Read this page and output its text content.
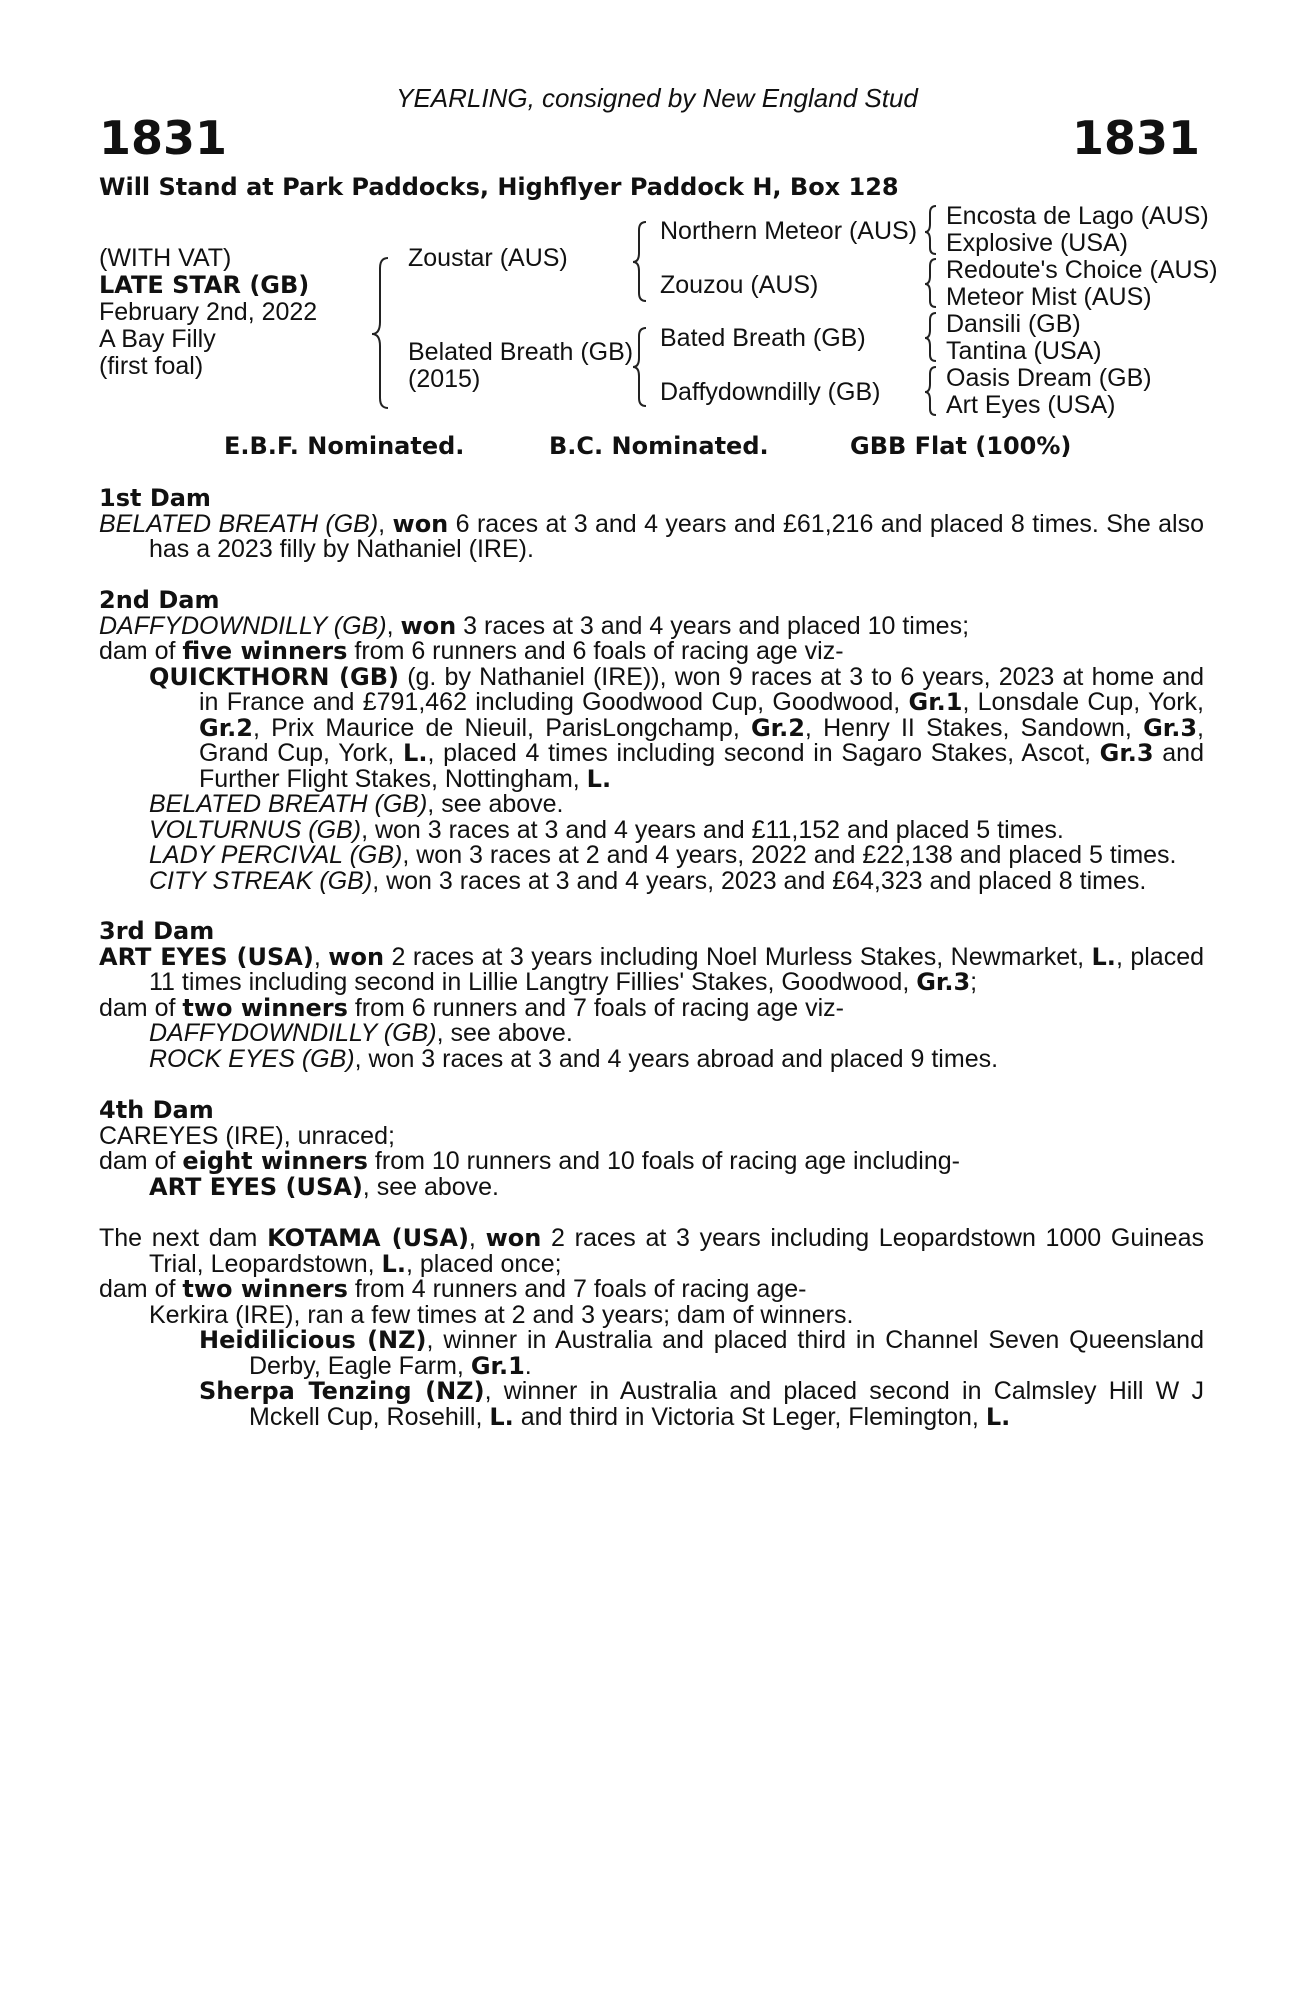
YEARLING, consigned by New England Stud
1831	1831
Will Stand at Park Paddocks, Highflyer Paddock H, Box 128
(WITH VAT)
LATE STAR (GB)
February 2nd, 2022
A Bay Filly
(first foal)
Zoustar (AUS)
Belated Breath (GB)
(2015)
Northern Meteor (AUS)
Zouzou (AUS)
Bated Breath (GB)
Daffydowndilly (GB)
Encosta de Lago (AUS)
Explosive (USA)
Redoute's Choice (AUS)
Meteor Mist (AUS)
Dansili (GB)
Tantina (USA)
Oasis Dream (GB)
Art Eyes (USA)
E.B.F. Nominated.	B.C. Nominated.	GBB Flat (100%)
1st Dam

BELATED BREATH (GB), won 6 races at 3 and 4 years and £61,216 and placed 8 times. She also has a 2023 filly by Nathaniel (IRE).

2nd Dam

DAFFYDOWNDILLY (GB), won 3 races at 3 and 4 years and placed 10 times;

dam of five winners from 6 runners and 6 foals of racing age viz-

QUICKTHORN (GB) (g. by Nathaniel (IRE)), won 9 races at 3 to 6 years, 2023 at home and in France and £791,462 including Goodwood Cup, Goodwood, Gr.1, Lonsdale Cup, York, Gr.2, Prix Maurice de Nieuil, ParisLongchamp, Gr.2, Henry II Stakes, Sandown, Gr.3, Grand Cup, York, L., placed 4 times including second in Sagaro Stakes, Ascot, Gr.3 and Further Flight Stakes, Nottingham, L.

BELATED BREATH (GB), see above.

VOLTURNUS (GB), won 3 races at 3 and 4 years and £11,152 and placed 5 times.

LADY PERCIVAL (GB), won 3 races at 2 and 4 years, 2022 and £22,138 and placed 5 times.

CITY STREAK (GB), won 3 races at 3 and 4 years, 2023 and £64,323 and placed 8 times.

3rd Dam

ART EYES (USA), won 2 races at 3 years including Noel Murless Stakes, Newmarket, L., placed 11 times including second in Lillie Langtry Fillies' Stakes, Goodwood, Gr.3;

dam of two winners from 6 runners and 7 foals of racing age viz-

DAFFYDOWNDILLY (GB), see above.

ROCK EYES (GB), won 3 races at 3 and 4 years abroad and placed 9 times.

4th Dam

CAREYES (IRE), unraced;

dam of eight winners from 10 runners and 10 foals of racing age including-

ART EYES (USA), see above.

The next dam KOTAMA (USA), won 2 races at 3 years including Leopardstown 1000 Guineas Trial, Leopardstown, L., placed once;

dam of two winners from 4 runners and 7 foals of racing age-

Kerkira (IRE), ran a few times at 2 and 3 years; dam of winners.

Heidilicious (NZ), winner in Australia and placed third in Channel Seven Queensland Derby, Eagle Farm, Gr.1.

Sherpa Tenzing (NZ), winner in Australia and placed second in Calmsley Hill W J Mckell Cup, Rosehill, L. and third in Victoria St Leger, Flemington, L.
